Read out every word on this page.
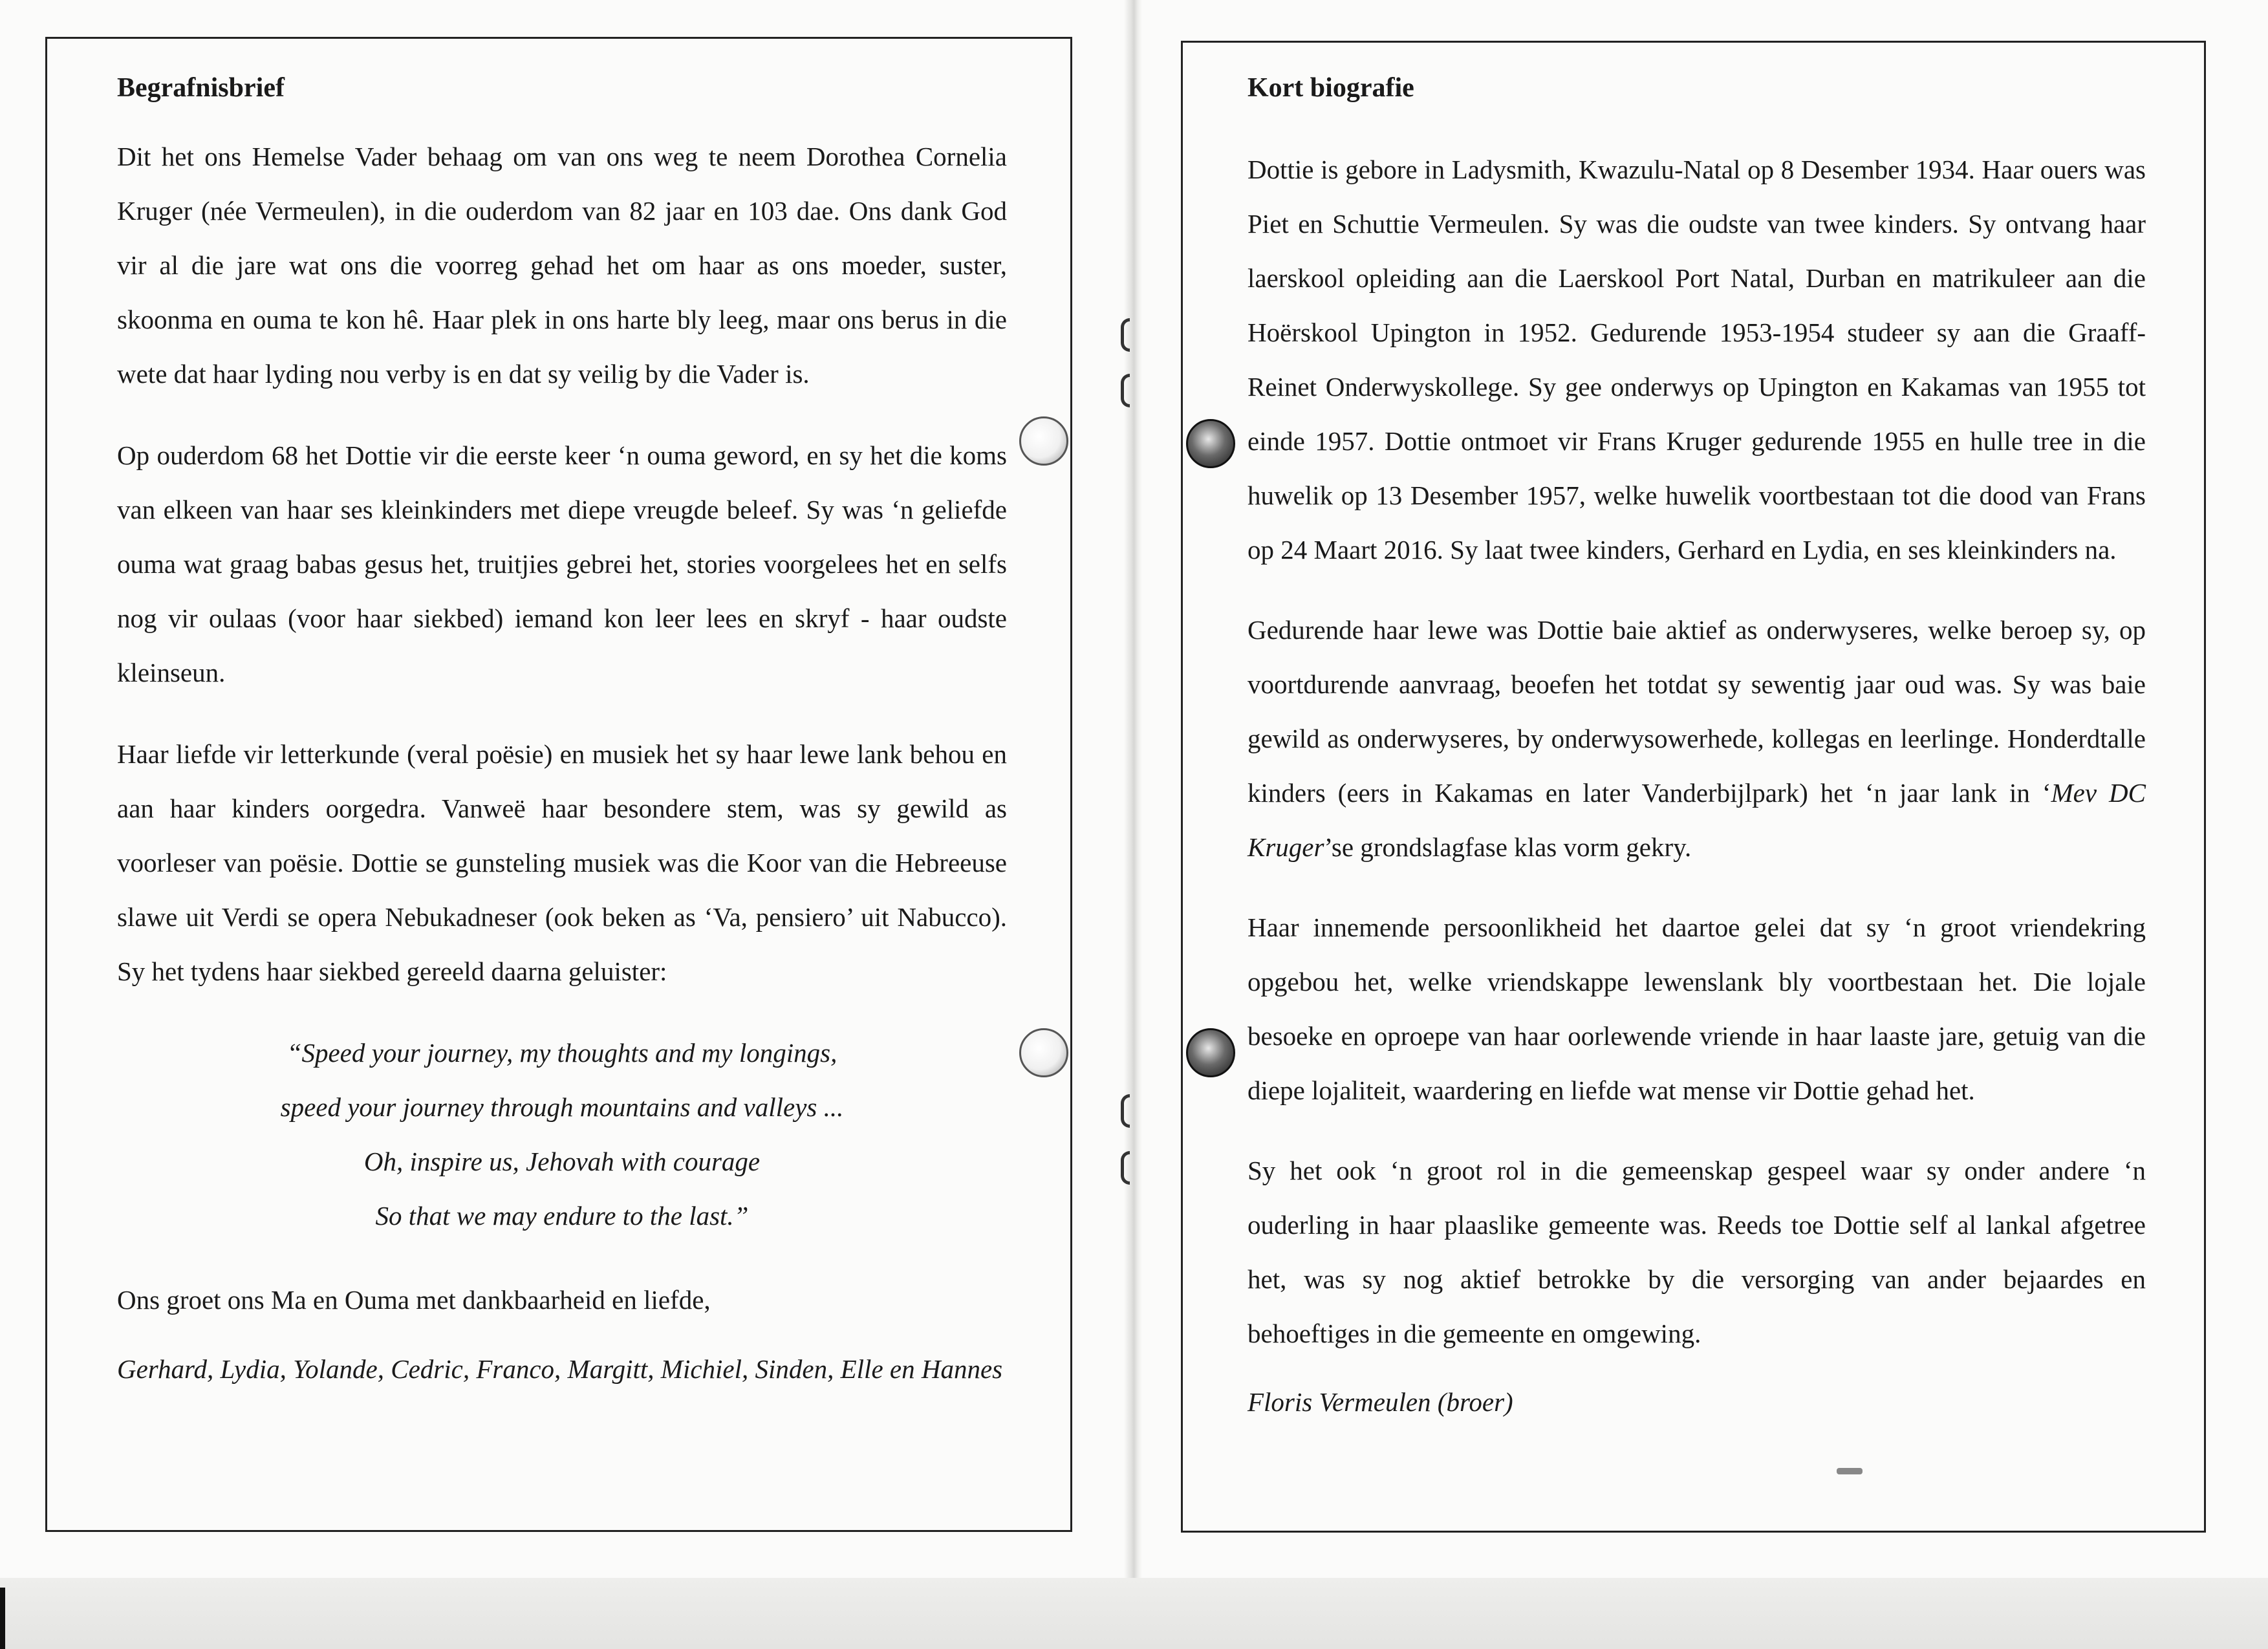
Begrafnisbrief

Dit het ons Hemelse Vader behaag om van ons weg te neem Dorothea Cornelia Kruger (née Vermeulen), in die ouderdom van 82 jaar en 103 dae. Ons dank God vir al die jare wat ons die voorreg gehad het om haar as ons moeder, suster, skoonma en ouma te kon hê. Haar plek in ons harte bly leeg, maar ons berus in die wete dat haar lyding nou verby is en dat sy veilig by die Vader is.

Op ouderdom 68 het Dottie vir die eerste keer ‘n ouma geword, en sy het die koms van elkeen van haar ses kleinkinders met diepe vreugde beleef. Sy was ‘n geliefde ouma wat graag babas gesus het, truitjies gebrei het, stories voorgelees het en selfs nog vir oulaas (voor haar siekbed) iemand kon leer lees en skryf - haar oudste kleinseun.

Haar liefde vir letterkunde (veral poësie) en musiek het sy haar lewe lank behou en aan haar kinders oorgedra. Vanweë haar besondere stem, was sy gewild as voorleser van poësie. Dottie se gunsteling musiek was die Koor van die Hebreeuse slawe uit Verdi se opera Nebukadneser (ook beken as ‘Va, pensiero’ uit Nabucco). Sy het tydens haar siekbed gereeld daarna geluister:

“Speed your journey, my thoughts and my longings,
speed your journey through mountains and valleys ...
Oh, inspire us, Jehovah with courage
So that we may endure to the last.”
Ons groet ons Ma en Ouma met dankbaarheid en liefde,
Gerhard, Lydia, Yolande, Cedric, Franco, Margitt, Michiel, Sinden, Elle en Hannes
Kort biografie

Dottie is gebore in Ladysmith, Kwazulu-Natal op 8 Desember 1934. Haar ouers was Piet en Schuttie Vermeulen. Sy was die oudste van twee kinders. Sy ontvang haar laerskool opleiding aan die Laerskool Port Natal, Durban en matrikuleer aan die Hoërskool Upington in 1952. Gedurende 1953-1954 studeer sy aan die Graaff-Reinet Onderwyskollege. Sy gee onderwys op Upington en Kakamas van 1955 tot einde 1957. Dottie ontmoet vir Frans Kruger gedurende 1955 en hulle tree in die huwelik op 13 Desember 1957, welke huwelik voortbestaan tot die dood van Frans op 24 Maart 2016. Sy laat twee kinders, Gerhard en Lydia, en ses kleinkinders na.

Gedurende haar lewe was Dottie baie aktief as onderwyseres, welke beroep sy, op voortdurende aanvraag, beoefen het totdat sy sewentig jaar oud was. Sy was baie gewild as onderwyseres, by onderwysowerhede, kollegas en leerlinge. Honderdtalle kinders (eers in Kakamas en later Vanderbijlpark) het ‘n jaar lank in ‘Mev DC Kruger’se grondslagfase klas vorm gekry.

Haar innemende persoonlikheid het daartoe gelei dat sy ‘n groot vriendekring opgebou het, welke vriendskappe lewenslank bly voortbestaan het. Die lojale besoeke en oproepe van haar oorlewende vriende in haar laaste jare, getuig van die diepe lojaliteit, waardering en liefde wat mense vir Dottie gehad het.

Sy het ook ‘n groot rol in die gemeenskap gespeel waar sy onder andere ‘n ouderling in haar plaaslike gemeente was. Reeds toe Dottie self al lankal afgetree het, was sy nog aktief betrokke by die versorging van ander bejaardes en behoeftiges in die gemeente en omgewing.

Floris Vermeulen (broer)
